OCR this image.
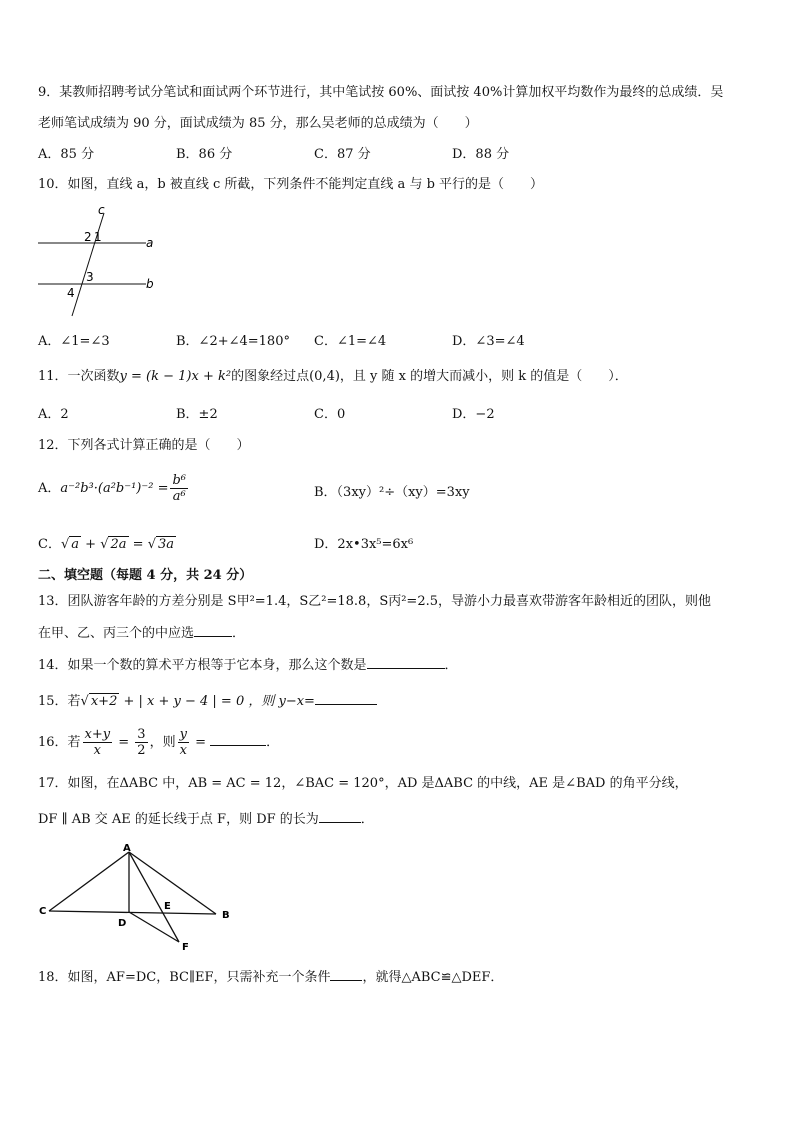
9．某教师招聘考试分笔试和面试两个环节进行，其中笔试按 60%、面试按 40%计算加权平均数作为最终的总成绩．吴
老师笔试成绩为 90 分，面试成绩为 85 分，那么吴老师的总成绩为（　　）
A．85 分	B．86 分	C．87 分	D．88 分
10．如图，直线 a，b 被直线 c 所截，下列条件不能判定直线 a 与 b 平行的是（　　）
c
a
b
2 1
3
4
A．∠1=∠3	B．∠2+∠4=180° C．∠1=∠4	D．∠3=∠4
11．一次函数y = (k − 1)x + k²的图象经过点(0,4)，且 y 随 x 的增大而减小，则 k 的值是（　　）．
A．2	B．±2	C．0	D．−2
12．下列各式计算正确的是（　　）
A．$a^{-2}b^3\cdot(a^2b^{-1})^{-2} = \frac{\text{b⁶}}{\text{a⁶}}$	B．（3xy）²÷（xy）=3xy
C．√ a + √ 2a = √ 3a	D．2x•3x⁵=6x⁶
二、填空题（每题 4 分，共 24 分）
13．团队游客年龄的方差分别是 S甲²=1.4，S乙²=18.8，S丙²=2.5，导游小力最喜欢带游客年龄相近的团队，则他
在甲、乙、丙三个的中应选	．
14．如果一个数的算术平方根等于它本身，那么这个数是	．
15．若√ x+2 + | x + y − 4 | = 0 ，则 y−x=
16．若 $\frac{x+y}{x} = \frac{3}{2}$ ，则 $\frac{y}{x}$ =	．
17．如图，在ΔABC 中，AB = AC = 12，∠BAC = 120°，AD 是ΔABC 的中线，AE 是∠BAD 的角平分线，
DF ∥ AB 交 AE 的延长线于点 F，则 DF 的长为	．
A
C	B
D
E
F
18．如图，AF=DC，BC∥EF，只需补充一个条件 ，就得△ABC≌△DEF．
